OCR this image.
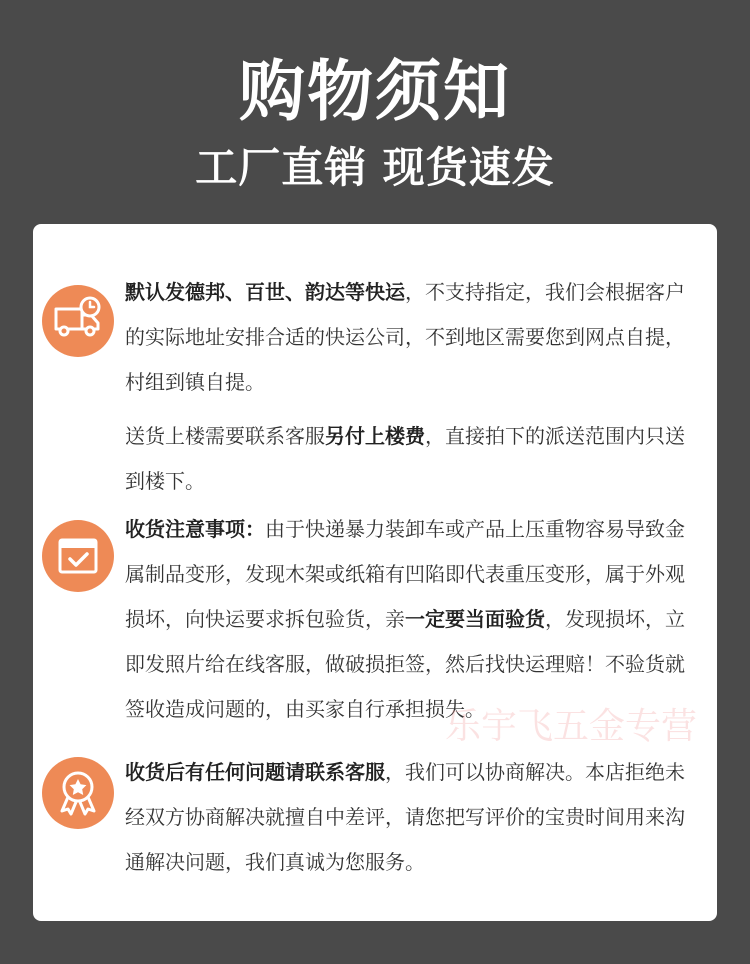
购物须知
工厂直销 现货速发
默认发德邦、百世、韵达等快运，不支持指定，我们会根据客户的实际地址安排合适的快运公司，不到地区需要您到网点自提，村组到镇自提。
送货上楼需要联系客服另付上楼费，直接拍下的派送范围内只送到楼下。
收货注意事项：由于快递暴力装卸车或产品上压重物容易导致金属制品变形，发现木架或纸箱有凹陷即代表重压变形，属于外观损坏，向快运要求拆包验货，亲一定要当面验货，发现损坏，立即发照片给在线客服，做破损拒签，然后找快运理赔！不验货就签收造成问题的，由买家自行承担损失。
收货后有任何问题请联系客服，我们可以协商解决。本店拒绝未经双方协商解决就擅自中差评，请您把写评价的宝贵时间用来沟通解决问题，我们真诚为您服务。
乐宇飞五金专营
